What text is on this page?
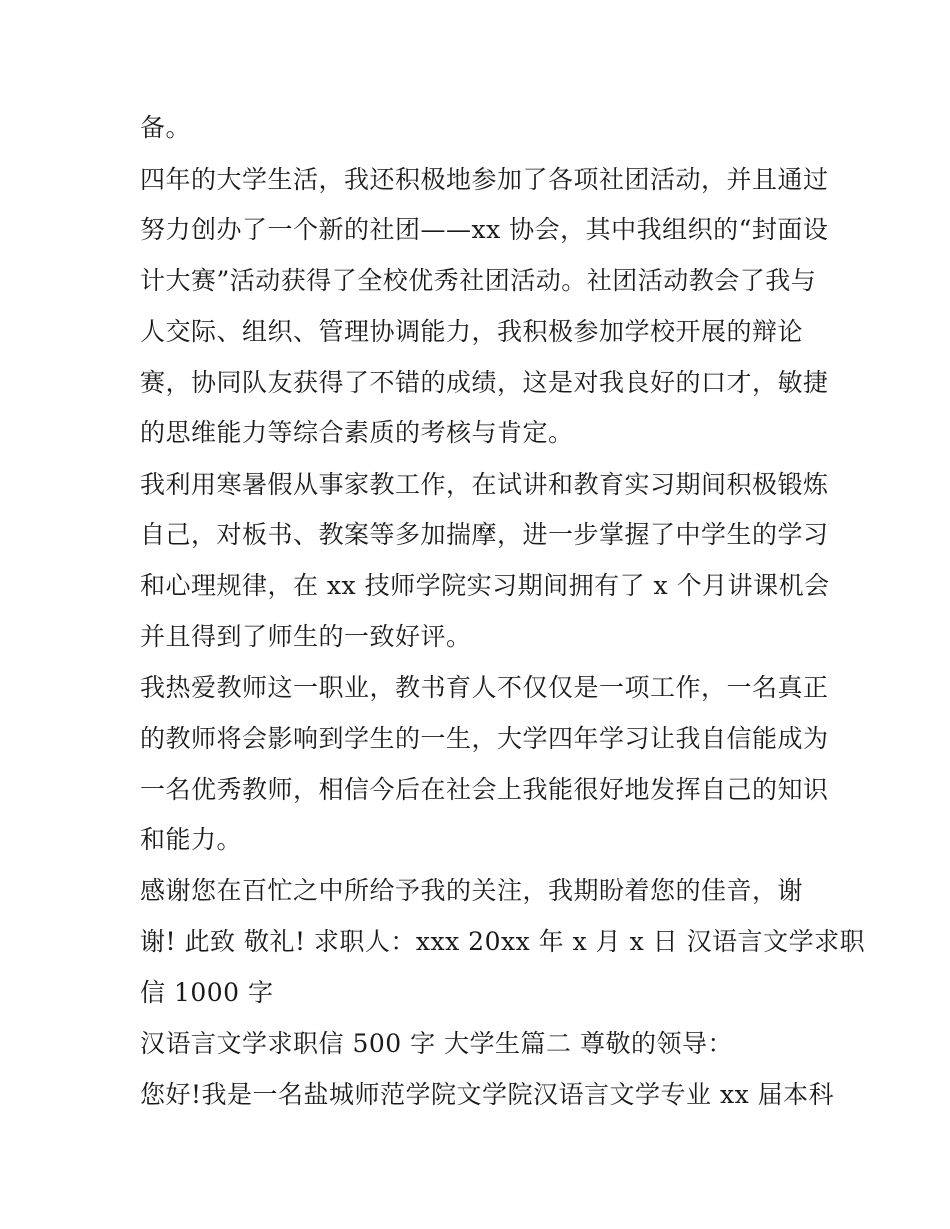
备。
四年的大学生活，我还积极地参加了各项社团活动，并且通过
努力创办了一个新的社团——xx 协会，其中我组织的“封面设
计大赛”活动获得了全校优秀社团活动。社团活动教会了我与
人交际、组织、管理协调能力，我积极参加学校开展的辩论
赛，协同队友获得了不错的成绩，这是对我良好的口才，敏捷
的思维能力等综合素质的考核与肯定。
我利用寒暑假从事家教工作，在试讲和教育实习期间积极锻炼
自己，对板书、教案等多加揣摩，进一步掌握了中学生的学习
和心理规律，在 xx 技师学院实习期间拥有了 x 个月讲课机会
并且得到了师生的一致好评。
我热爱教师这一职业，教书育人不仅仅是一项工作，一名真正
的教师将会影响到学生的一生，大学四年学习让我自信能成为
一名优秀教师，相信今后在社会上我能很好地发挥自己的知识
和能力。
感谢您在百忙之中所给予我的关注，我期盼着您的佳音，谢
谢! 此致 敬礼! 求职人：xxx 20xx 年 x 月 x 日 汉语言文学求职
信 1000 字
汉语言文学求职信 500 字 大学生篇二 尊敬的领导：
您好!我是一名盐城师范学院文学院汉语言文学专业 xx 届本科
